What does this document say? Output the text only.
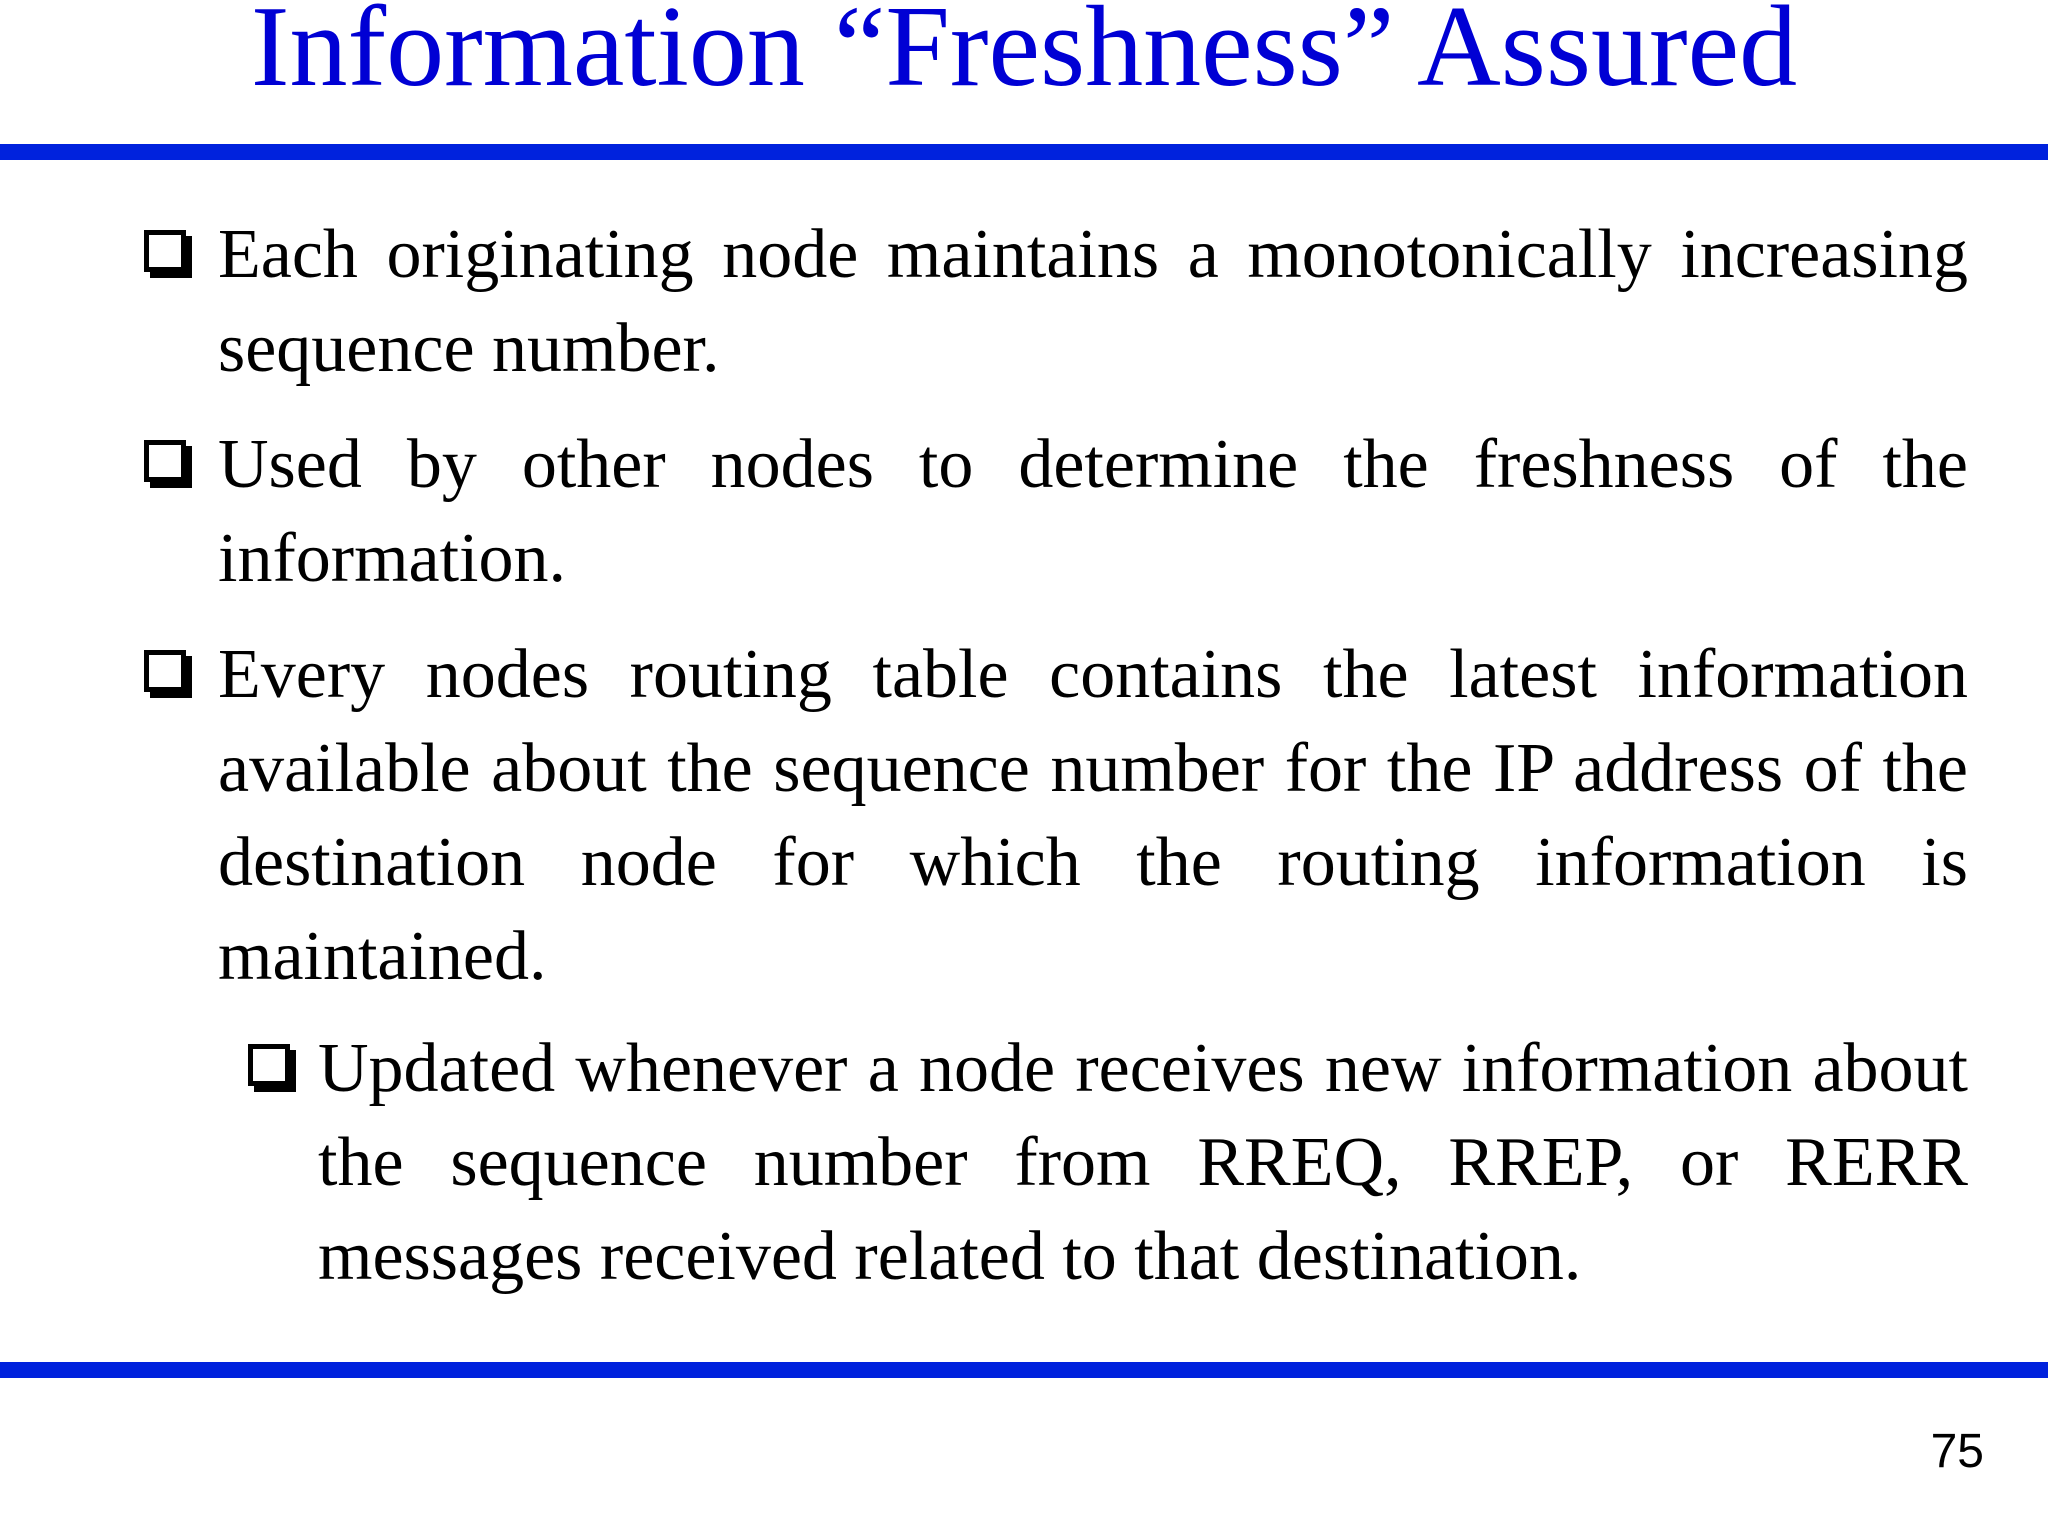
Information “Freshness” Assured
Each originating node maintains a monotonically increasing sequence number.
Used by other nodes to determine the freshness of the information.
Every nodes routing table contains the latest information available about the sequence number for the IP address of the destination node for which the routing information is maintained.
Updated whenever a node receives new information about the sequence number from RREQ, RREP, or RERR messages received related to that destination.
75
